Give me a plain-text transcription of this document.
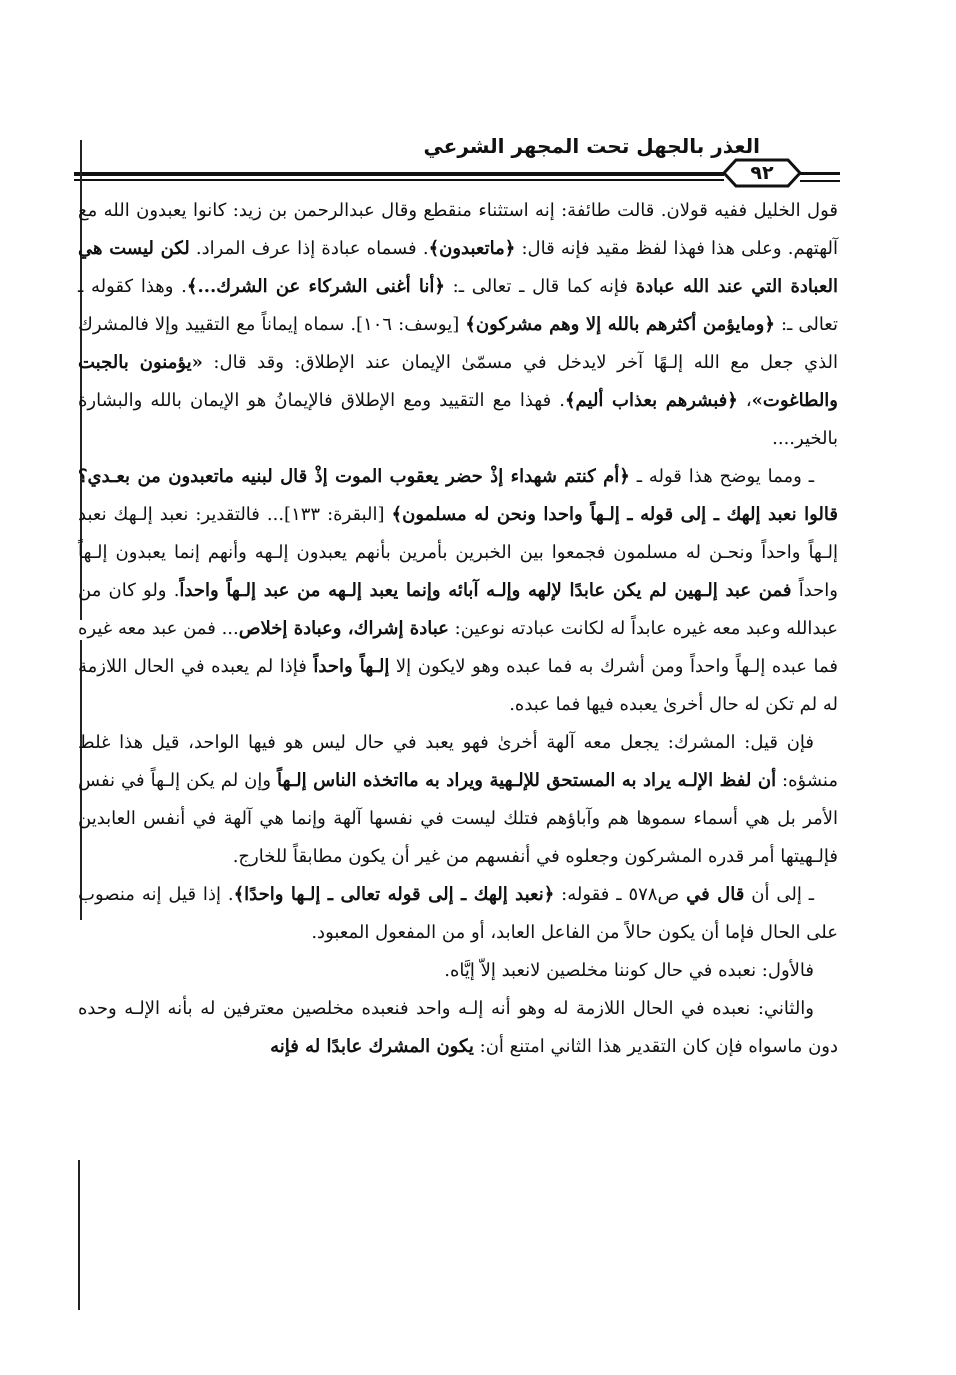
العذر بالجهل تحت المجهر الشرعي
٩٢

قول الخليل ففيه قولان. قالت طائفة: إنه استثناء منقطع وقال عبدالرحمن بن زيد: كانوا يعبدون الله مع آلهتهم. وعلى هذا فهذا لفظ مقيد فإنه قال: ﴿ماتعبدون﴾. فسماه عبادة إذا عرف المراد. لكن ليست هي العبادة التي عند الله عبادة فإنه كما قال ـ تعالى ـ: ﴿أنا أغنى الشركاء عن الشرك...﴾. وهذا كقوله ـ تعالى ـ: ﴿ومايؤمن أكثرهم بالله إلا وهم مشركون﴾ [يوسف: ١٠٦]. سماه إيماناً مع التقييد وإلا فالمشرك الذي جعل مع الله إلـهًا آخر لايدخل في مسمّىٰ الإيمان عند الإطلاق: وقد قال: «يؤمنون بالجبت والطاغوت»، ﴿فبشرهم بعذاب أليم﴾. فهذا مع التقييد ومع الإطلاق فالإيمانُ هو الإيمان بالله والبشارة بالخير....

ـ ومما يوضح هذا قوله ـ ﴿أم كنتم شهداء إذْ حضر يعقوب الموت إذْ قال لبنيه ماتعبدون من بعـدي؟ قالوا نعبد إلهك ـ إلى قوله ـ إلـهاً واحدا ونحن له مسلمون﴾ [البقرة: ١٣٣]... فالتقدير: نعبد إلـهك نعبد إلـهاً واحداً ونحـن له مسلمون فجمعوا بين الخبرين بأمرين بأنهم يعبدون إلـهه وأنهم إنما يعبدون إلـهاً واحداً فمن عبد إلـهين لم يكن عابدًا لإلهه وإلـه آبائه وإنما يعبد إلـهه من عبد إلـهاً واحداً. ولو كان من عبدالله وعبد معه غيره عابداً له لكانت عبادته نوعين: عبادة إشراك، وعبادة إخلاص... فمن عبد معه غيره فما عبده إلـهاً واحداً ومن أشرك به فما عبده وهو لايكون إلا إلـهاً واحداً فإذا لم يعبده في الحال اللازمة له لم تكن له حال أخرىٰ يعبده فيها فما عبده.

فإن قيل: المشرك: يجعل معه آلهة أخرىٰ فهو يعبد في حال ليس هو فيها الواحد، قيل هذا غلط منشؤه: أن لفظ الإلـه يراد به المستحق للإلـهية ويراد به مااتخذه الناس إلـهاً وإن لم يكن إلـهاً في نفس الأمر بل هي أسماء سموها هم وآباؤهم فتلك ليست في نفسها آلهة وإنما هي آلهة في أنفس العابدين فإلـهيتها أمر قدره المشركون وجعلوه في أنفسهم من غير أن يكون مطابقاً للخارج.

ـ إلى أن قال في ص٥٧٨ ـ فقوله: ﴿نعبد إلهك ـ إلى قوله تعالى ـ إلـها واحدًا﴾. إذا قيل إنه منصوب على الحال فإما أن يكون حالاً من الفاعل العابد، أو من المفعول المعبود.

فالأول: نعبده في حال كوننا مخلصين لانعبد إلاّ إيَّاه.

والثاني: نعبده في الحال اللازمة له وهو أنه إلـه واحد فنعبده مخلصين معترفين له بأنه الإلـه وحده دون ماسواه فإن كان التقدير هذا الثاني امتنع أن: يكون المشرك عابدًا له فإنه
